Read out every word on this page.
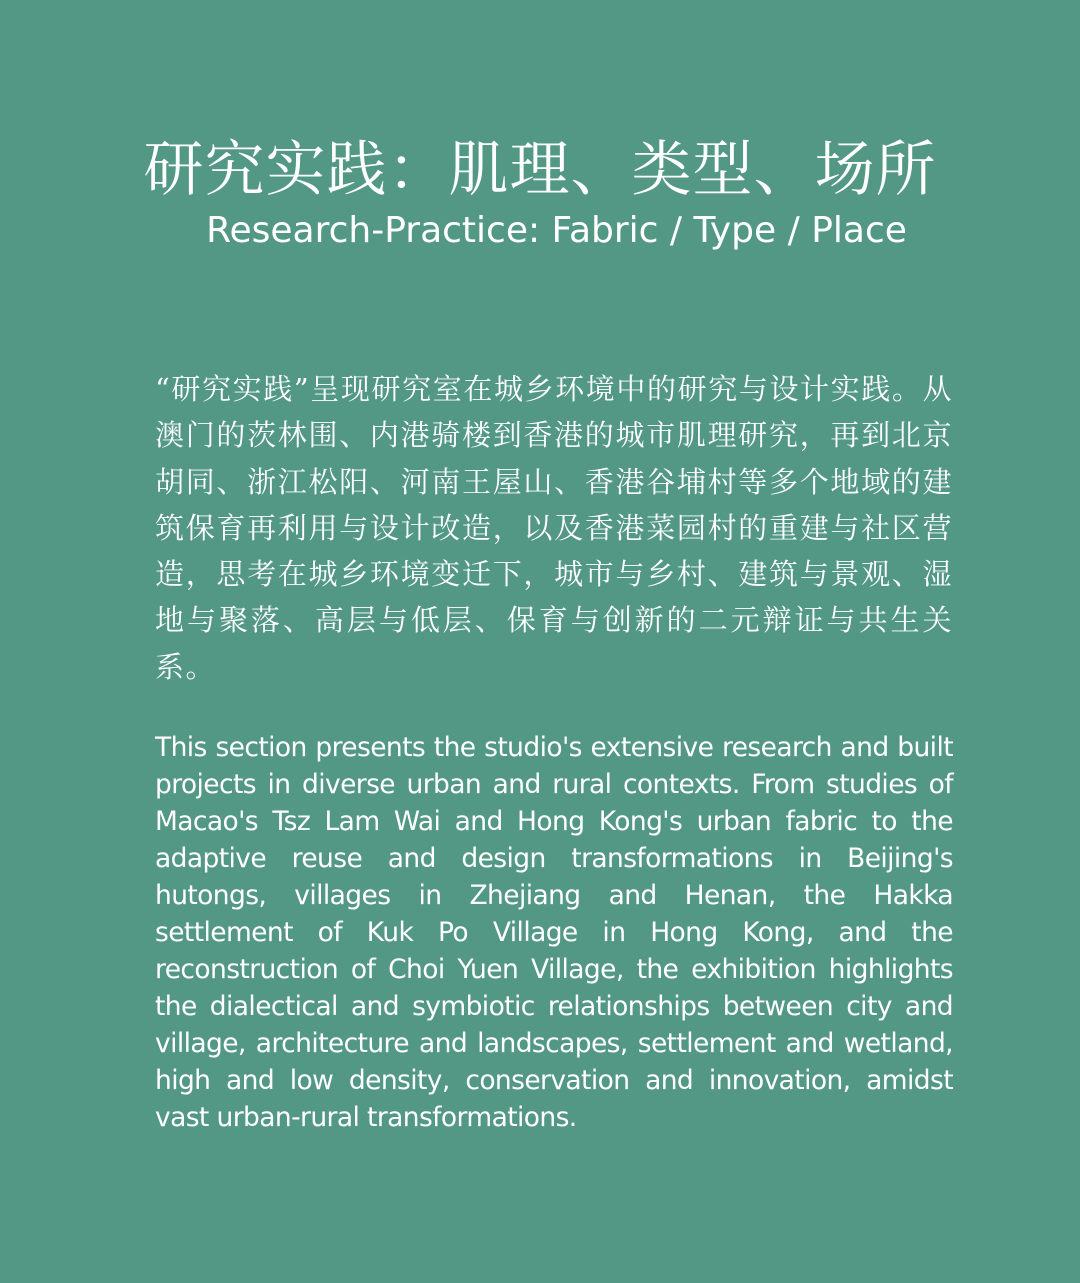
研究实践：肌理、类型、场所
Research-Practice: Fabric / Type / Place

“研究实践”呈现研究室在城乡环境中的研究与设计实践。从澳门的茨林围、内港骑楼到香港的城市肌理研究，再到北京胡同、浙江松阳、河南王屋山、香港谷埔村等多个地域的建筑保育再利用与设计改造，以及香港菜园村的重建与社区营造，思考在城乡环境变迁下，城市与乡村、建筑与景观、湿地与聚落、高层与低层、保育与创新的二元辩证与共生关系。

This section presents the studio's extensive research and built projects in diverse urban and rural contexts. From studies of Macao's Tsz Lam Wai and Hong Kong's urban fabric to the adaptive reuse and design transformations in Beijing's hutongs, villages in Zhejiang and Henan, the Hakka settlement of Kuk Po Village in Hong Kong, and the reconstruction of Choi Yuen Village, the exhibition highlights the dialectical and symbiotic relationships between city and village, architecture and landscapes, settlement and wetland, high and low density, conservation and innovation, amidst vast urban-rural transformations.
